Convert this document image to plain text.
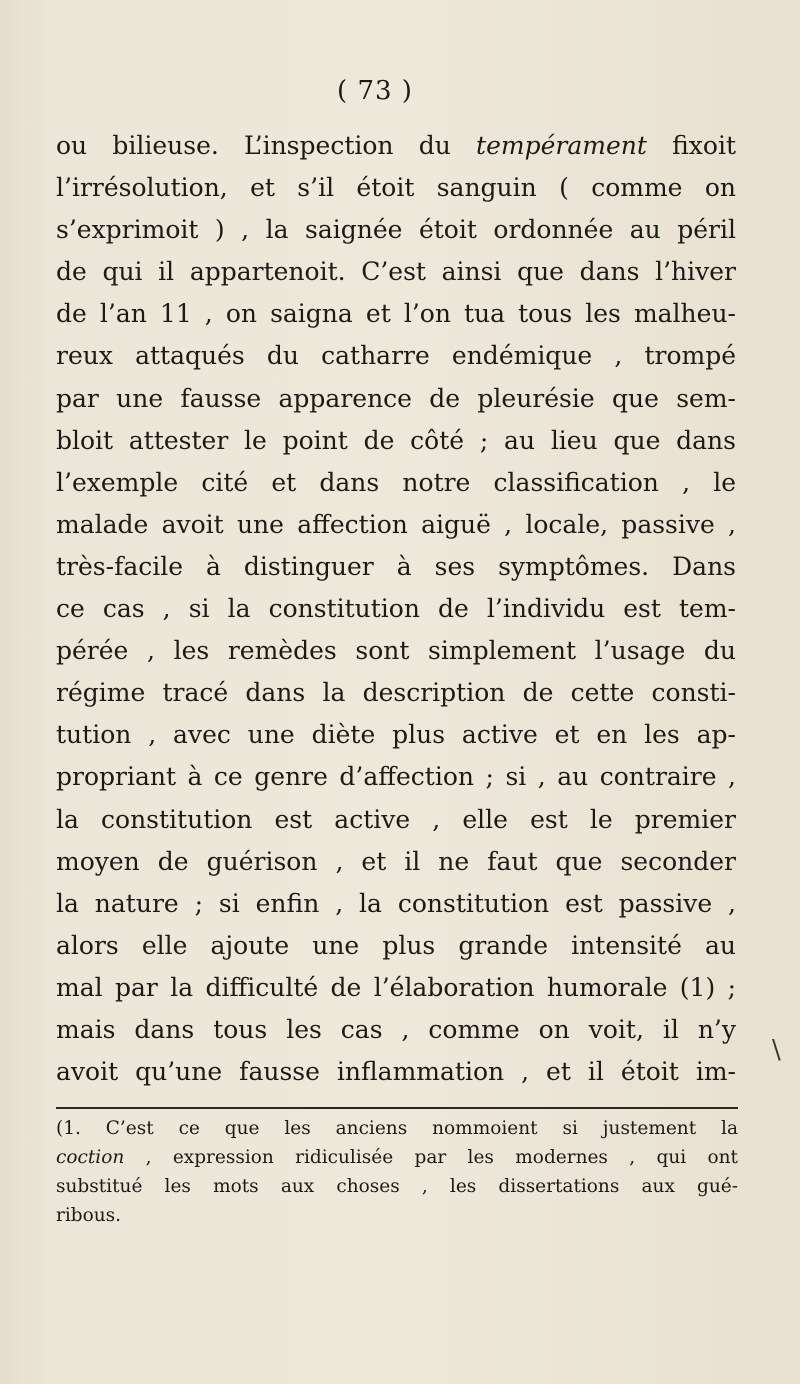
( 73 )
ou bilieuse. L’inspection du tempérament fixoit
l’irrésolution, et s’il étoit sanguin ( comme on
s’exprimoit ) , la saignée étoit ordonnée au péril
de qui il appartenoit. C’est ainsi que dans l’hiver
de l’an 11 , on saigna et l’on tua tous les malheu-
reux attaqués du catharre endémique , trompé
par une fausse apparence de pleurésie que sem-
bloit attester le point de côté ; au lieu que dans
l’exemple cité et dans notre classification , le
malade avoit une affection aiguë , locale, passive ,
très-facile à distinguer à ses symptômes. Dans
ce cas , si la constitution de l’individu est tem-
pérée , les remèdes sont simplement l’usage du
régime tracé dans la description de cette consti-
tution , avec une diète plus active et en les ap-
propriant à ce genre d’affection ; si , au contraire ,
la constitution est active , elle est le premier
moyen de guérison , et il ne faut que seconder
la nature ; si enfin , la constitution est passive ,
alors elle ajoute une plus grande intensité au
mal par la difficulté de l’élaboration humorale (1) ;
mais dans tous les cas , comme on voit, il n’y
avoit qu’une fausse inflammation , et il étoit im-
\
(1. C’est ce que les anciens nommoient si justement la
coction , expression ridiculisée par les modernes , qui ont
substitué les mots aux choses , les dissertations aux gué-
ribous.
